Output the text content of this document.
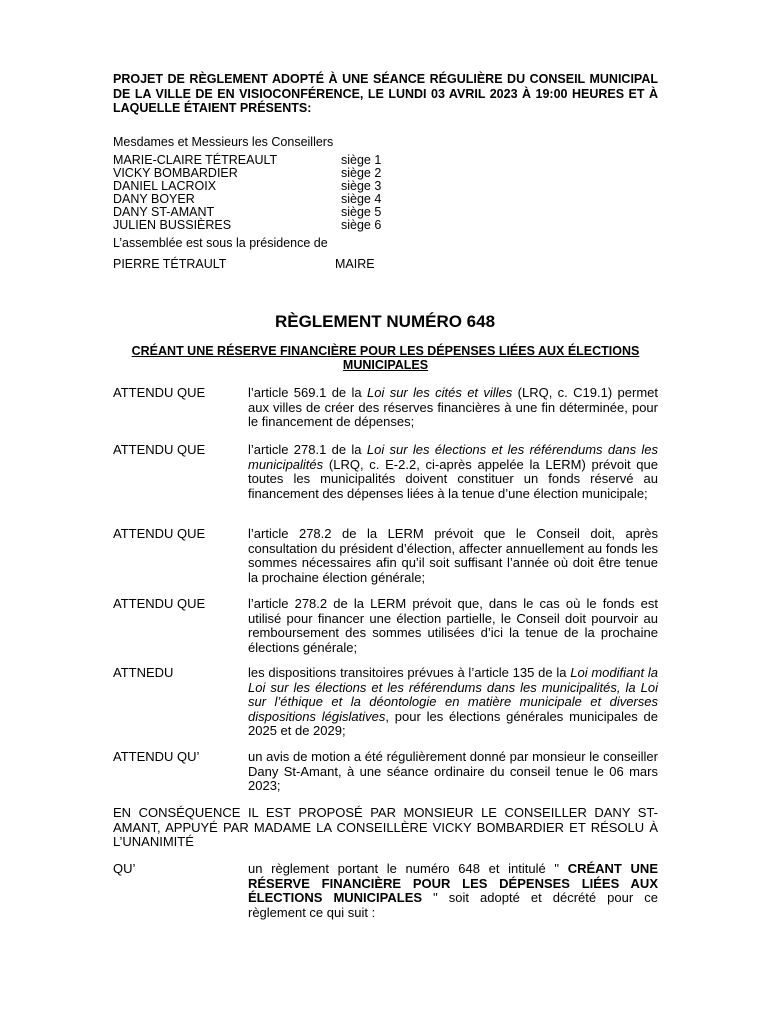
PROJET DE RÈGLEMENT ADOPTÉ À UNE SÉANCE RÉGULIÈRE DU CONSEIL MUNICIPAL DE LA VILLE DE EN VISIOCONFÉRENCE, LE LUNDI 03 AVRIL 2023 À 19:00 HEURES ET À LAQUELLE ÉTAIENT PRÉSENTS:

Mesdames et Messieurs les Conseillers

MARIE-CLAIRE TÉTREAULT	siège 1
VICKY BOMBARDIER	siège 2
DANIEL LACROIX	siège 3
DANY BOYER	siège 4
DANY ST-AMANT	siège 5
JULIEN BUSSIÈRES	siège 6

L’assemblée est sous la présidence de

PIERRE TÉTRAULT	MAIRE
RÈGLEMENT NUMÉRO 648

CRÉANT UNE RÉSERVE FINANCIÈRE POUR LES DÉPENSES LIÉES AUX ÉLECTIONS MUNICIPALES

ATTENDU QUE	l’article 569.1 de la Loi sur les cités et villes (LRQ, c. C19.1) permet aux villes de créer des réserves financières à une fin déterminée, pour le financement de dépenses;
ATTENDU QUE	l’article 278.1 de la Loi sur les élections et les référendums dans les municipalités (LRQ, c. E-2.2, ci-après appelée la LERM) prévoit que toutes les municipalités doivent constituer un fonds réservé au financement des dépenses liées à la tenue d’une élection municipale;
ATTENDU QUE	l’article 278.2 de la LERM prévoit que le Conseil doit, après consultation du président d’élection, affecter annuellement au fonds les sommes nécessaires afin qu’il soit suffisant l’année où doit être tenue la prochaine élection générale;
ATTENDU QUE	l’article 278.2 de la LERM prévoit que, dans le cas où le fonds est utilisé pour financer une élection partielle, le Conseil doit pourvoir au remboursement des sommes utilisées d’ici la tenue de la prochaine élections générale;
ATTNEDU	les dispositions transitoires prévues à l’article 135 de la Loi modifiant la Loi sur les élections et les référendums dans les municipalités, la Loi sur l’éthique et la déontologie en matière municipale et diverses dispositions législatives, pour les élections générales municipales de 2025 et de 2029;
ATTENDU QU’	un avis de motion a été régulièrement donné par monsieur le conseiller Dany St-Amant, à une séance ordinaire du conseil tenue le 06 mars 2023;

EN CONSÉQUENCE IL EST PROPOSÉ PAR MONSIEUR LE CONSEILLER DANY ST-AMANT, APPUYÉ PAR MADAME LA CONSEILLÈRE VICKY BOMBARDIER ET RÉSOLU À L’UNANIMITÉ

QU’	un règlement portant le numéro 648 et intitulé " CRÉANT UNE RÉSERVE FINANCIÈRE POUR LES DÉPENSES LIÉES AUX ÉLECTIONS MUNICIPALES " soit adopté et décrété pour ce règlement ce qui suit :
